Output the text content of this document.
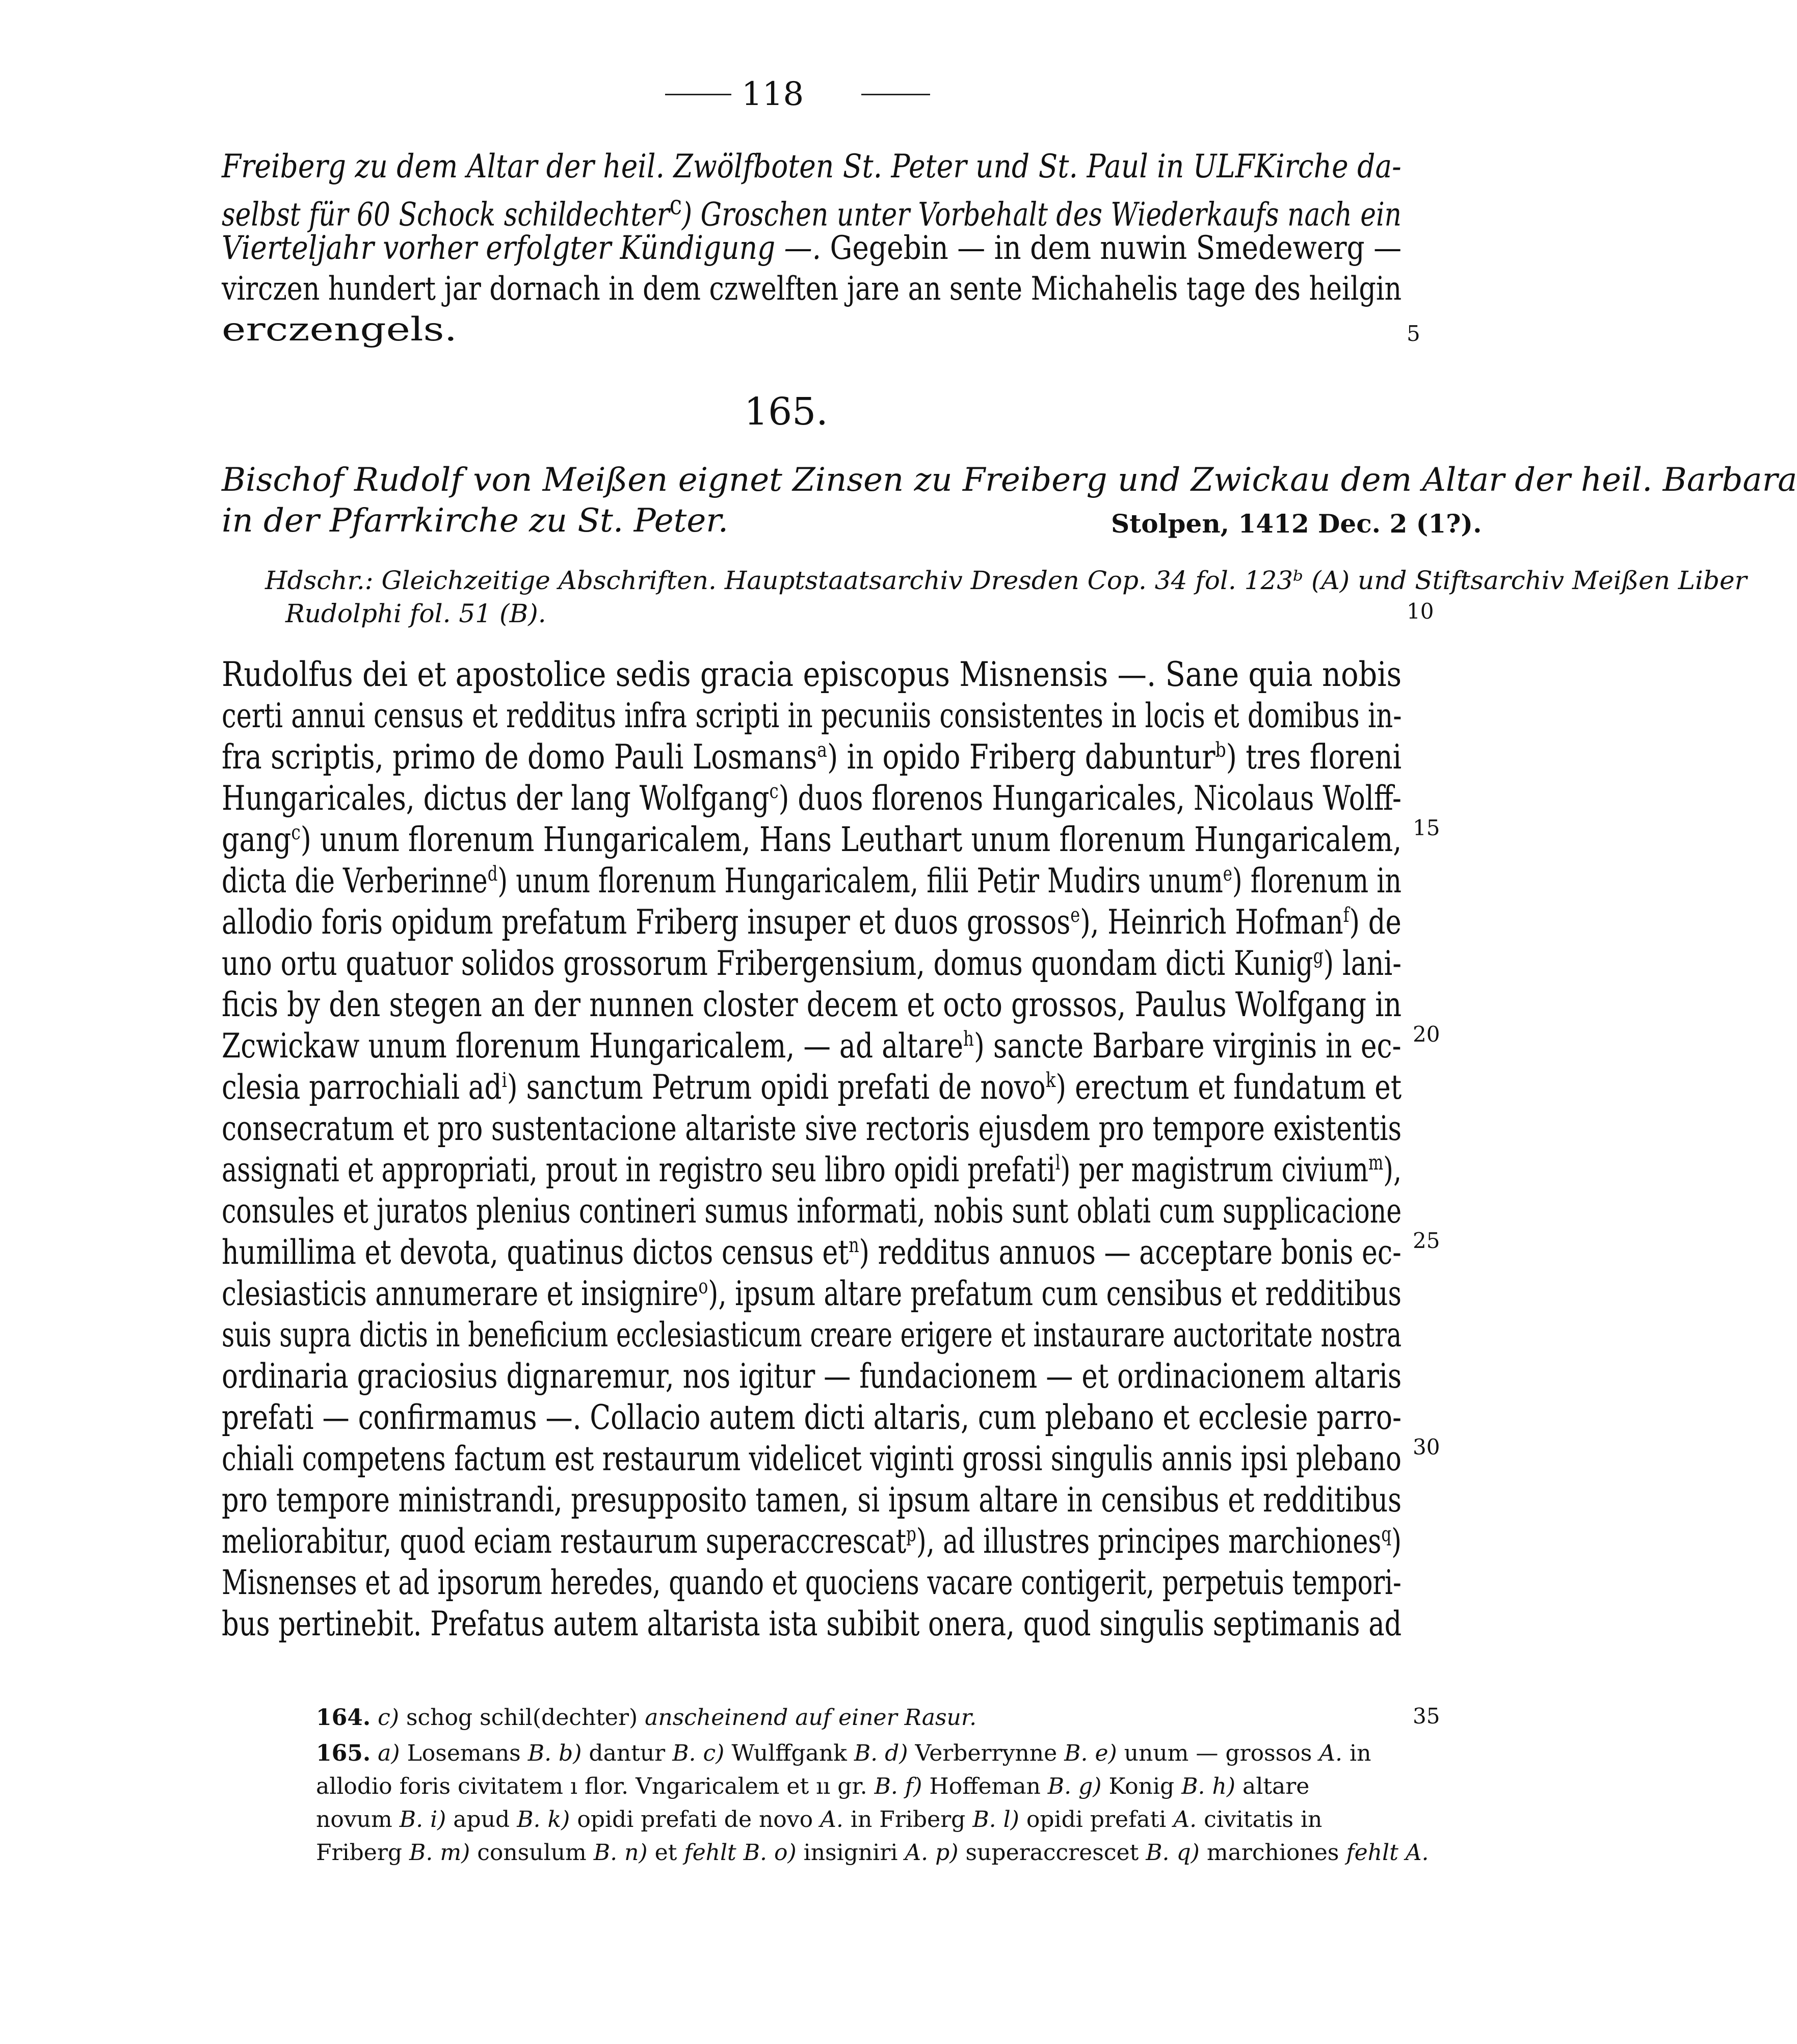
118
Freiberg zu dem Altar der heil. Zwölfboten St. Peter und St. Paul in ULFKirche da-
selbst für 60 Schock schildechter$^c$) Groschen unter Vorbehalt des Wiederkaufs nach ein
Vierteljahr vorher erfolgter Kündigung —. Gegebin — in dem nuwin Smedewerg —
virczen hundert jar dornach in dem czwelften jare an sente Michahelis tage des heilgin
erczengels.	5
165.
Bischof Rudolf von Meißen eignet Zinsen zu Freiberg und Zwickau dem Altar der heil. Barbara
in der Pfarrkirche zu St. Peter.	Stolpen, 1412 Dec. 2 (1?).
Hdschr.: Gleichzeitige Abschriften. Hauptstaatsarchiv Dresden Cop. 34 fol. 123ᵇ (A) und Stiftsarchiv Meißen Liber
Rudolphi fol. 51 (B).	10
Rudolfus dei et apostolice sedis gracia episcopus Misnensis —. Sane quia nobis
certi annui census et redditus infra scripti in pecuniis consistentes in locis et domibus in-
fra scriptis, primo de domo Pauli Losmans$^a$) in opido Friberg dabuntur$^b$) tres floreni
Hungaricales, dictus der lang Wolfgang$^c$) duos florenos Hungaricales, Nicolaus Wolff-
gang$^c$) unum florenum Hungaricalem, Hans Leuthart unum florenum Hungaricalem,
dicta die Verberinne$^d$) unum florenum Hungaricalem, filii Petir Mudirs unum$^e$) florenum in
allodio foris opidum prefatum Friberg insuper et duos grossos$^e$), Heinrich Hofman$^f$) de
uno ortu quatuor solidos grossorum Fribergensium, domus quondam dicti Kunig$^g$) lani-
ficis by den stegen an der nunnen closter decem et octo grossos, Paulus Wolfgang in
Zcwickaw unum florenum Hungaricalem, — ad altare$^h$) sancte Barbare virginis in ec-
clesia parrochiali $ad^i$) sanctum Petrum opidi prefati de novo$^k$) erectum et fundatum et
consecratum et pro sustentacione altariste sive rectoris ejusdem pro tempore existentis
assignati et appropriati, prout in registro seu libro opidi prefati$^l$) per magistrum civium$^m$),
consules et juratos plenius contineri sumus informati, nobis sunt oblati cum supplicacione
humillima et devota, quatinus dictos census $et^n$) redditus annuos — acceptare bonis ec-
clesiasticis annumerare et insignire$^o$), ipsum altare prefatum cum censibus et redditibus
suis supra dictis in beneficium ecclesiasticum creare erigere et instaurare auctoritate nostra
ordinaria graciosius dignaremur, nos igitur — fundacionem — et ordinacionem altaris
prefati — confirmamus —. Collacio autem dicti altaris, cum plebano et ecclesie parro-
chiali competens factum est restaurum videlicet viginti grossi singulis annis ipsi plebano
pro tempore ministrandi, presupposito tamen, si ipsum altare in censibus et redditibus
meliorabitur, quod eciam restaurum superaccrescat$^p$), ad illustres principes marchiones$^q$)
Misnenses et ad ipsorum heredes, quando et quociens vacare contigerit, perpetuis tempori-
bus pertinebit. Prefatus autem altarista ista subibit onera, quod singulis septimanis ad
15
20
25
30
35
164. c) schog schil(dechter) anscheinend auf einer Rasur.
165. a) Losemans B. b) dantur B. c) Wulffgank B. d) Verberrynne B. e) unum — grossos A. in
allodio foris civitatem ı flor. Vngaricalem et ıı gr. B. f) Hoffeman B. g) Konig B. h) altare
novum B. i) apud B. k) opidi prefati de novo A. in Friberg B. l) opidi prefati A. civitatis in
Friberg B. m) consulum B. n) et fehlt B. o) insigniri A. p) superaccrescet B. q) marchiones fehlt A.
